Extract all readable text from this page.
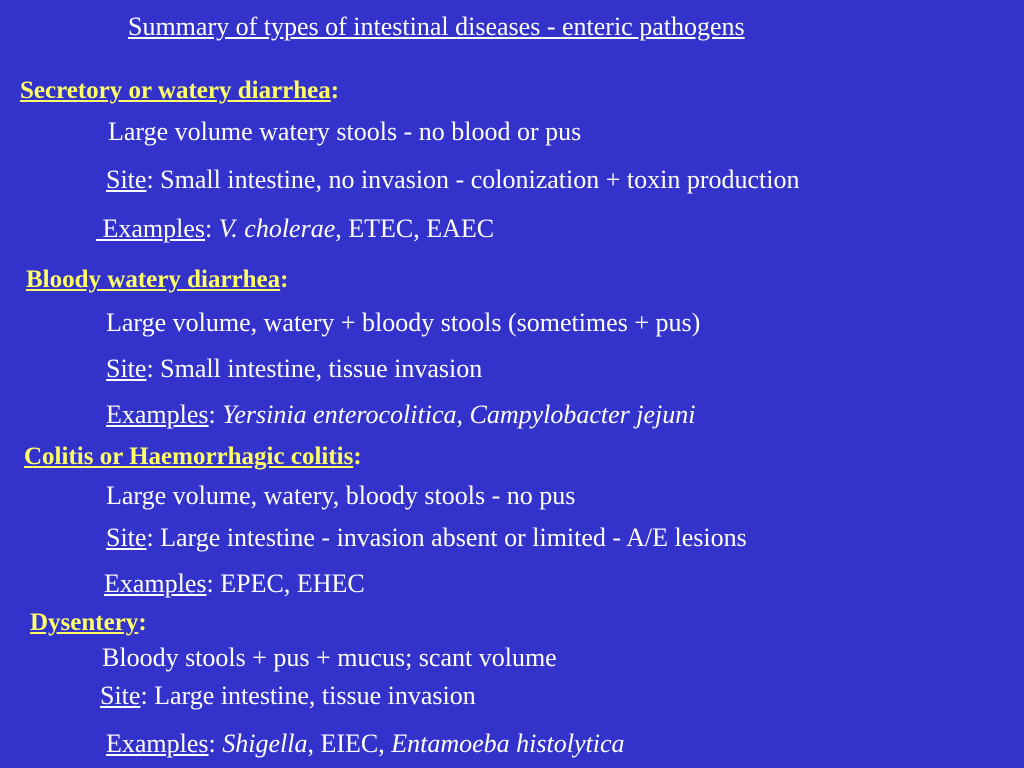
Summary of types of intestinal diseases - enteric pathogens
Secretory or watery diarrhea:
Large volume watery stools - no blood or pus
Site: Small intestine, no invasion - colonization + toxin production
Examples: V. cholerae, ETEC, EAEC
Bloody watery diarrhea:
Large volume, watery + bloody stools (sometimes + pus)
Site: Small intestine, tissue invasion
Examples: Yersinia enterocolitica, Campylobacter jejuni
Colitis or Haemorrhagic colitis:
Large volume, watery, bloody stools - no pus
Site: Large intestine - invasion absent or limited - A/E lesions
Examples: EPEC, EHEC
Dysentery:
Bloody stools + pus + mucus; scant volume
Site: Large intestine, tissue invasion
Examples: Shigella, EIEC, Entamoeba histolytica
